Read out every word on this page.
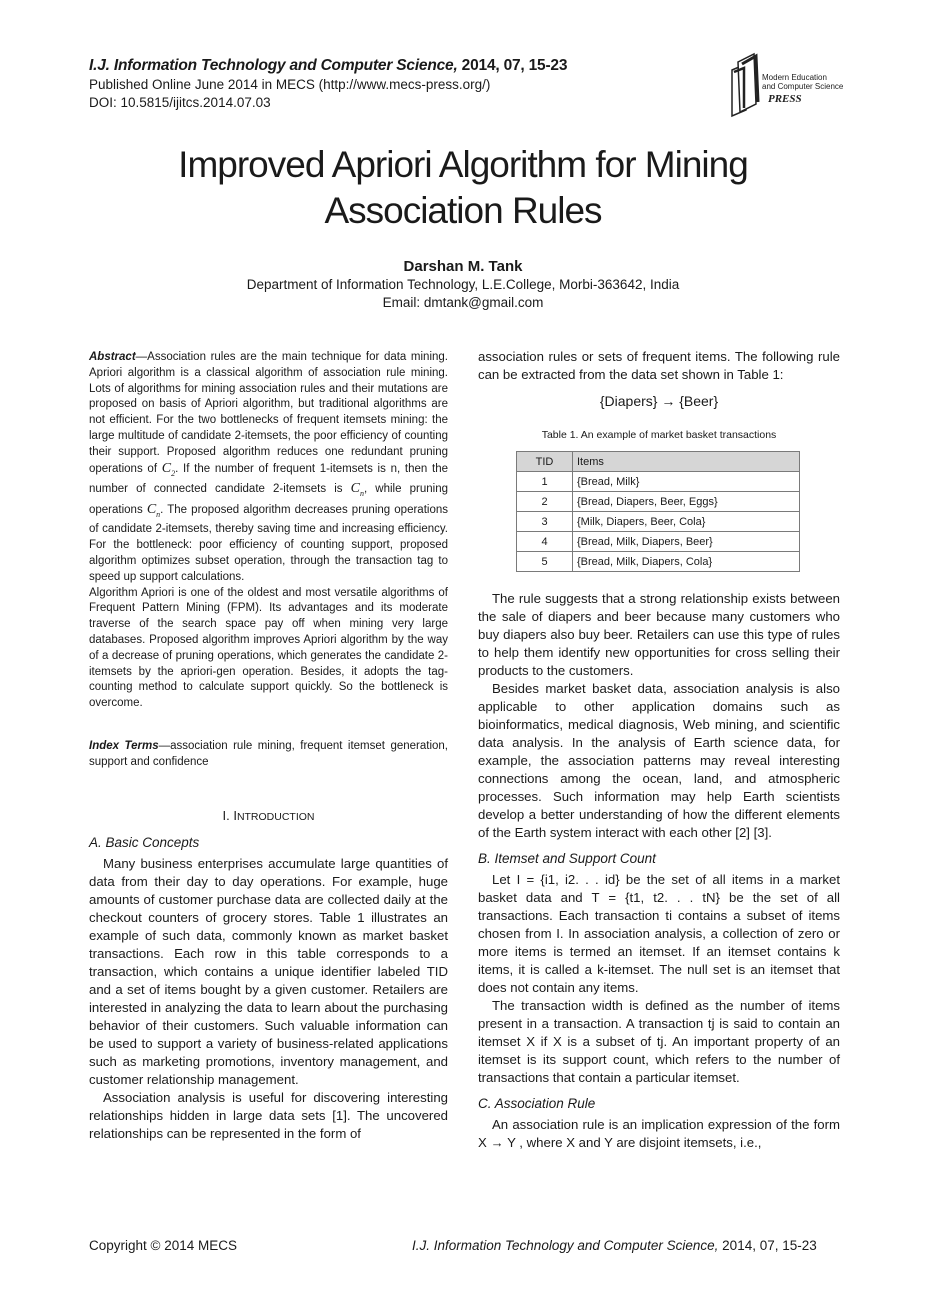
I.J. Information Technology and Computer Science, 2014, 07, 15-23
Published Online June 2014 in MECS (http://www.mecs-press.org/)
DOI: 10.5815/ijitcs.2014.07.03
Modern Education
and Computer Science
PRESS
Improved Apriori Algorithm for Mining
Association Rules
Darshan M. Tank
Department of Information Technology, L.E.College, Morbi-363642, India
Email: dmtank@gmail.com
Abstract—Association rules are the main technique for data mining. Apriori algorithm is a classical algorithm of association rule mining. Lots of algorithms for mining association rules and their mutations are proposed on basis of Apriori algorithm, but traditional algorithms are not efficient. For the two bottlenecks of frequent itemsets mining: the large multitude of candidate 2-itemsets, the poor efficiency of counting their support. Proposed algorithm reduces one redundant pruning operations of $C_2$. If the number of frequent 1-itemsets is n, then the number of connected candidate 2-itemsets is $C_n$, while pruning operations $C_n$. The proposed algorithm decreases pruning operations of candidate 2-itemsets, thereby saving time and increasing efficiency. For the bottleneck: poor efficiency of counting support, proposed algorithm optimizes subset operation, through the transaction tag to speed up support calculations.
Algorithm Apriori is one of the oldest and most versatile algorithms of Frequent Pattern Mining (FPM). Its advantages and its moderate traverse of the search space pay off when mining very large databases. Proposed algorithm improves Apriori algorithm by the way of a decrease of pruning operations, which generates the candidate 2-itemsets by the apriori-gen operation. Besides, it adopts the tag-counting method to calculate support quickly. So the bottleneck is overcome.
Index Terms—association rule mining, frequent itemset generation, support and confidence

I. INTRODUCTION

A. Basic Concepts

Many business enterprises accumulate large quantities of data from their day to day operations. For example, huge amounts of customer purchase data are collected daily at the checkout counters of grocery stores. Table 1 illustrates an example of such data, commonly known as market basket transactions. Each row in this table corresponds to a transaction, which contains a unique identifier labeled TID and a set of items bought by a given customer. Retailers are interested in analyzing the data to learn about the purchasing behavior of their customers. Such valuable information can be used to support a variety of business-related applications such as marketing promotions, inventory management, and customer relationship management.

Association analysis is useful for discovering interesting relationships hidden in large data sets [1]. The uncovered relationships can be represented in the form of

association rules or sets of frequent items. The following rule can be extracted from the data set shown in Table 1:

{Diapers} → {Beer}
Table 1. An example of market basket transactions
TID	Items
1	{Bread, Milk}
2	{Bread, Diapers, Beer, Eggs}
3	{Milk, Diapers, Beer, Cola}
4	{Bread, Milk, Diapers, Beer}
5	{Bread, Milk, Diapers, Cola}

The rule suggests that a strong relationship exists between the sale of diapers and beer because many customers who buy diapers also buy beer. Retailers can use this type of rules to help them identify new opportunities for cross selling their products to the customers.

Besides market basket data, association analysis is also applicable to other application domains such as bioinformatics, medical diagnosis, Web mining, and scientific data analysis. In the analysis of Earth science data, for example, the association patterns may reveal interesting connections among the ocean, land, and atmospheric processes. Such information may help Earth scientists develop a better understanding of how the different elements of the Earth system interact with each other [2] [3].

B. Itemset and Support Count

Let I = {i1, i2. . . id} be the set of all items in a market basket data and T = {t1, t2. . . tN} be the set of all transactions. Each transaction ti contains a subset of items chosen from I. In association analysis, a collection of zero or more items is termed an itemset. If an itemset contains k items, it is called a k-itemset. The null set is an itemset that does not contain any items.

The transaction width is defined as the number of items present in a transaction. A transaction tj is said to contain an itemset X if X is a subset of tj. An important property of an itemset is its support count, which refers to the number of transactions that contain a particular itemset.

C. Association Rule

An association rule is an implication expression of the form X → Y , where X and Y are disjoint itemsets, i.e.,

Copyright © 2014 MECS	I.J. Information Technology and Computer Science, 2014, 07, 15-23
